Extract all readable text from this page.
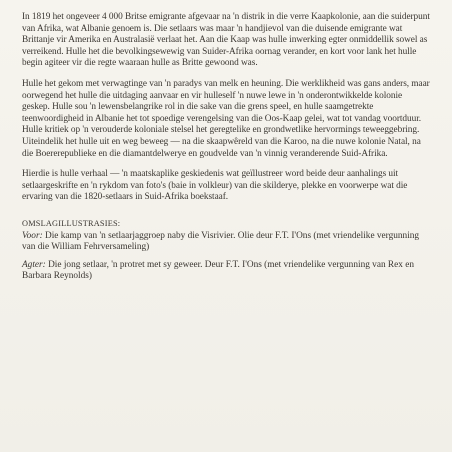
In 1819 het ongeveer 4 000 Britse emigrante afgevaar na 'n distrik in die verre Kaapkolonie, aan die suiderpunt van Afrika, wat Albanie genoem is. Die setlaars was maar 'n handjievol van die duisende emigrante wat Brittanje vir Amerika en Australasië verlaat het. Aan die Kaap was hulle inwerking egter onmiddellik sowel as verreikend. Hulle het die bevolkingsewewig van Suider-Afrika oornag verander, en kort voor lank het hulle begin agiteer vir die regte waaraan hulle as Britte gewoond was.

Hulle het gekom met verwagtinge van 'n paradys van melk en heuning. Die werklikheid was gans anders, maar oorwegend het hulle die uitdaging aanvaar en vir hulleself 'n nuwe lewe in 'n onderontwikkelde kolonie geskep. Hulle sou 'n lewensbelangrike rol in die sake van die grens speel, en hulle saamgetrekte teenwoordigheid in Albanie het tot spoedige verengelsing van die Oos-Kaap gelei, wat tot vandag voortduur. Hulle kritiek op 'n verouderde koloniale stelsel het geregtelike en grondwetlike hervormings teweeggebring. Uiteindelik het hulle uit en weg beweeg — na die skaapwêreld van die Karoo, na die nuwe kolonie Natal, na die Boererepublieke en die diamantdelwerye en goudvelde van 'n vinnig veranderende Suid-Afrika.

Hierdie is hulle verhaal — 'n maatskaplike geskiedenis wat geïllustreer word beide deur aanhalings uit setlaargeskrifte en 'n rykdom van foto's (baie in volkleur) van die skilderye, plekke en voorwerpe wat die ervaring van die 1820-setlaars in Suid-Afrika boekstaaf.

OMSLAGILLUSTRASIES:

Voor: Die kamp van 'n setlaarjaggroep naby die Visrivier. Olie deur F.T. I'Ons (met vriendelike vergunning van die William Fehrversameling)

Agter: Die jong setlaar, 'n protret met sy geweer. Deur F.T. I'Ons (met vriendelike vergunning van Rex en Barbara Reynolds)
